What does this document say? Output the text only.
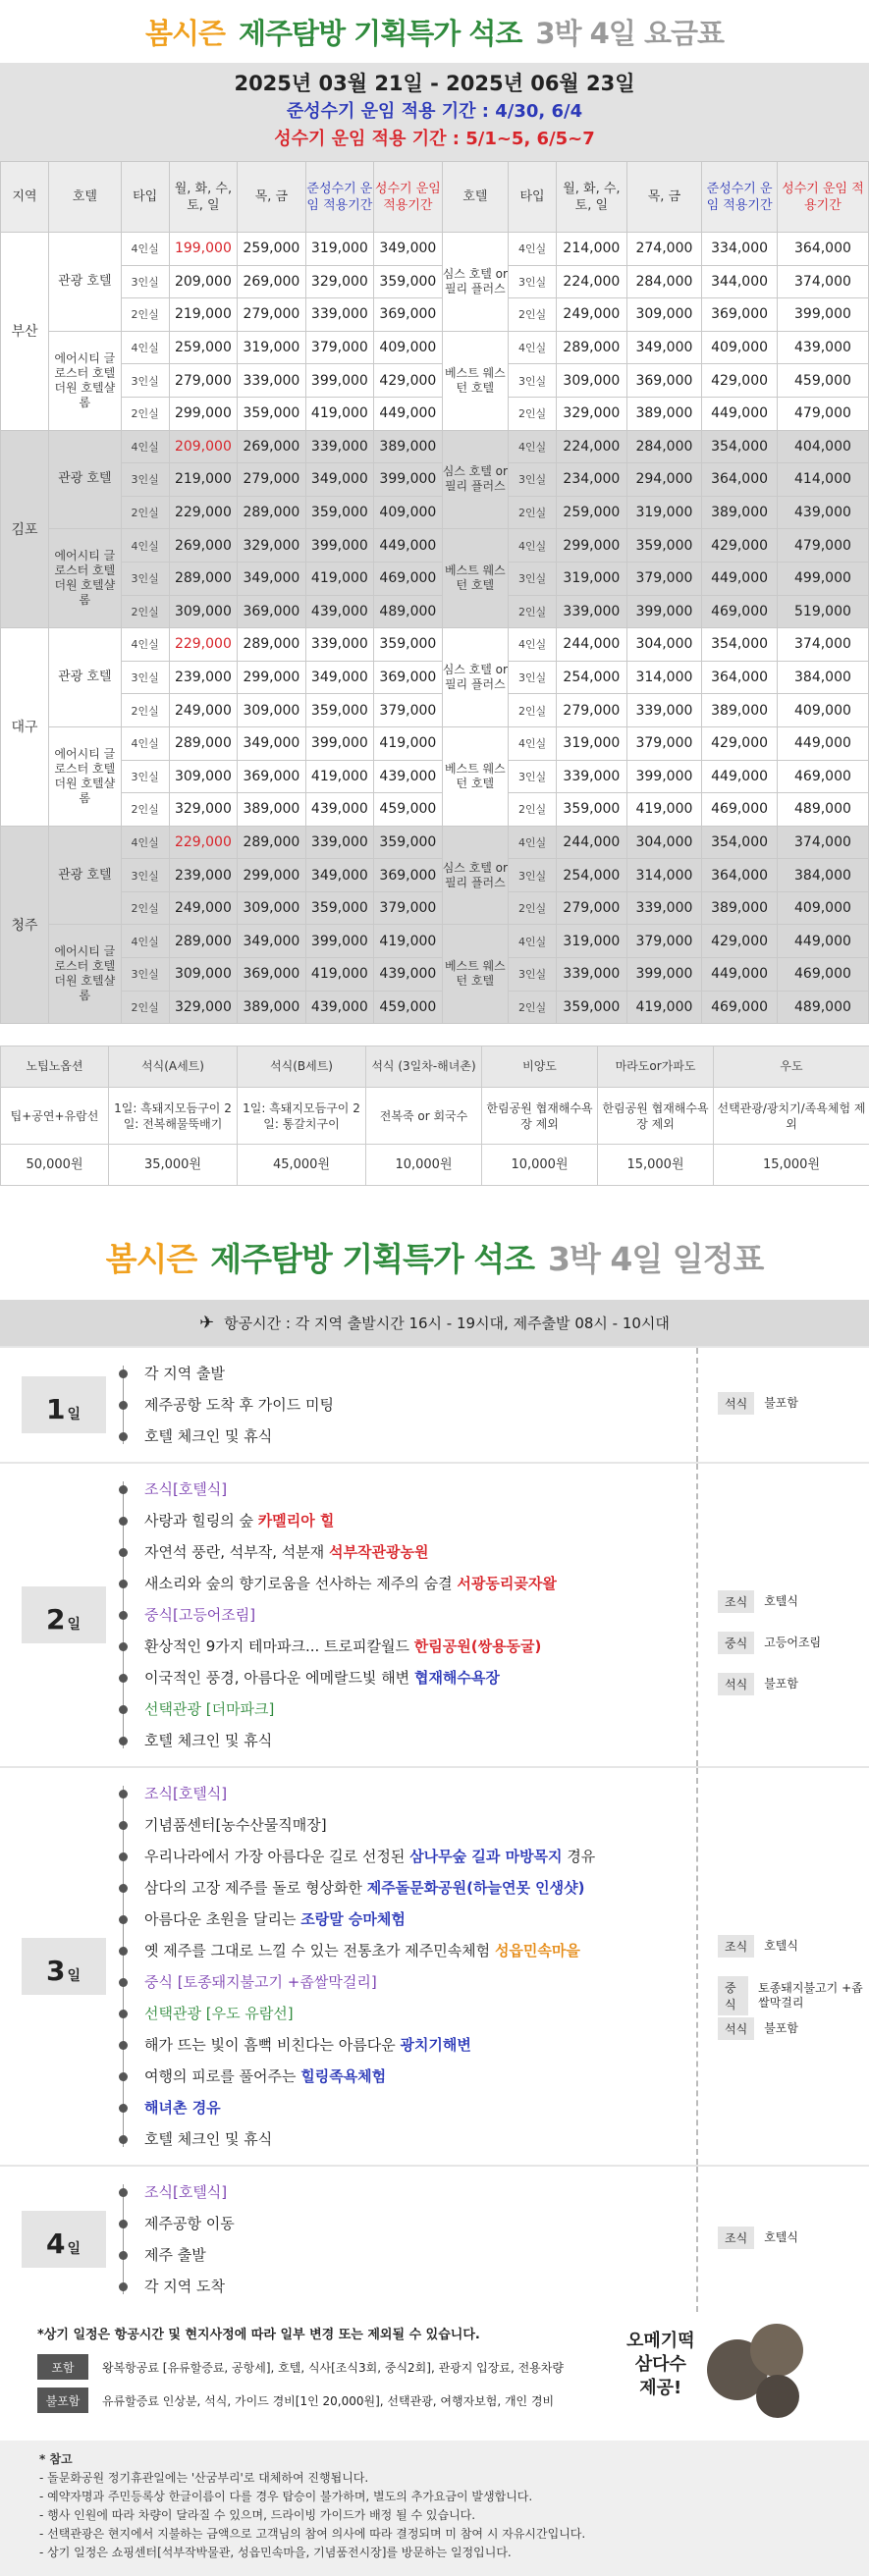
봄시즌 제주탐방 기획특가 석조 3박 4일 요금표
2025년 03월 21일 - 2025년 06월 23일
준성수기 운임 적용 기간 : 4/30, 6/4
성수기 운임 적용 기간 : 5/1~5, 6/5~7
지역	호텔	타입	월, 화, 수, 토, 일	목, 금	준성수기 운임 적용기간	성수기 운임 적용기간	호텔	타입	월, 화, 수, 토, 일	목, 금	준성수기 운임 적용기간	성수기 운임 적용기간
부산	관광 호텔	4인실	199,000	259,000	319,000	349,000	심스 호텔 or 필리 플러스	4인실	214,000	274,000	334,000	364,000
		3인실	209,000	269,000	329,000	359,000		3인실	224,000	284,000	344,000	374,000
		2인실	219,000	279,000	339,000	369,000		2인실	249,000	309,000	369,000	399,000
	에어시티 글로스터 호텔더원 호텔샬롬	4인실	259,000	319,000	379,000	409,000	베스트 웨스턴 호텔	4인실	289,000	349,000	409,000	439,000
		3인실	279,000	339,000	399,000	429,000		3인실	309,000	369,000	429,000	459,000
		2인실	299,000	359,000	419,000	449,000		2인실	329,000	389,000	449,000	479,000
김포	관광 호텔	4인실	209,000	269,000	339,000	389,000	심스 호텔 or 필리 플러스	4인실	224,000	284,000	354,000	404,000
		3인실	219,000	279,000	349,000	399,000		3인실	234,000	294,000	364,000	414,000
		2인실	229,000	289,000	359,000	409,000		2인실	259,000	319,000	389,000	439,000
	에어시티 글로스터 호텔더원 호텔샬롬	4인실	269,000	329,000	399,000	449,000	베스트 웨스턴 호텔	4인실	299,000	359,000	429,000	479,000
		3인실	289,000	349,000	419,000	469,000		3인실	319,000	379,000	449,000	499,000
		2인실	309,000	369,000	439,000	489,000		2인실	339,000	399,000	469,000	519,000
대구	관광 호텔	4인실	229,000	289,000	339,000	359,000	심스 호텔 or 필리 플러스	4인실	244,000	304,000	354,000	374,000
		3인실	239,000	299,000	349,000	369,000		3인실	254,000	314,000	364,000	384,000
		2인실	249,000	309,000	359,000	379,000		2인실	279,000	339,000	389,000	409,000
	에어시티 글로스터 호텔더원 호텔샬롬	4인실	289,000	349,000	399,000	419,000	베스트 웨스턴 호텔	4인실	319,000	379,000	429,000	449,000
		3인실	309,000	369,000	419,000	439,000		3인실	339,000	399,000	449,000	469,000
		2인실	329,000	389,000	439,000	459,000		2인실	359,000	419,000	469,000	489,000
청주	관광 호텔	4인실	229,000	289,000	339,000	359,000	심스 호텔 or 필리 플러스	4인실	244,000	304,000	354,000	374,000
		3인실	239,000	299,000	349,000	369,000		3인실	254,000	314,000	364,000	384,000
		2인실	249,000	309,000	359,000	379,000		2인실	279,000	339,000	389,000	409,000
	에어시티 글로스터 호텔더원 호텔샬롬	4인실	289,000	349,000	399,000	419,000	베스트 웨스턴 호텔	4인실	319,000	379,000	429,000	449,000
		3인실	309,000	369,000	419,000	439,000		3인실	339,000	399,000	449,000	469,000
		2인실	329,000	389,000	439,000	459,000		2인실	359,000	419,000	469,000	489,000
노팁노옵션	석식(A세트)	석식(B세트)	석식 (3일차-해녀촌)	비양도	마라도or가파도	우도
팁+공연+유람선	1일: 흑돼지모듬구이 2일: 전복해물뚝배기	1일: 흑돼지모듬구이 2일: 통갈치구이	전복죽 or 회국수	한림공원 협재해수욕장 제외	한림공원 협재해수욕장 제외	선택관광/광치기/족욕체험 제외
50,000원	35,000원	45,000원	10,000원	10,000원	15,000원	15,000원
봄시즌 제주탐방 기획특가 석조 3박 4일 일정표
✈ 항공시간 : 각 지역 출발시간 16시 - 19시대, 제주출발 08시 - 10시대
1 일
각 지역 출발
제주공항 도착 후 가이드 미팅
호텔 체크인 및 휴식
석식	불포함
2 일
조식[호텔식]
사랑과 힐링의 숲 카멜리아 힐
자연석 풍란, 석부작, 석분재 석부작관광농원
새소리와 숲의 향기로움을 선사하는 제주의 숨결 서광동리곶자왈
중식[고등어조림]
환상적인 9가지 테마파크... 트로피칼월드 한림공원(쌍용동굴)
이국적인 풍경, 아름다운 에메랄드빛 해변 협재해수욕장
선택관광 [더마파크]
호텔 체크인 및 휴식
조식	호텔식
중식	고등어조림
석식	불포함
3 일
조식[호텔식]
기념품센터[농수산물직매장]
우리나라에서 가장 아름다운 길로 선정된 삼나무숲 길과 마방목지 경유
삼다의 고장 제주를 돌로 형상화한 제주돌문화공원(하늘연못 인생샷)
아름다운 초원을 달리는 조랑말 승마체험
옛 제주를 그대로 느낄 수 있는 전통초가 제주민속체험 성읍민속마을
중식 [토종돼지불고기 +좁쌀막걸리]
선택관광 [우도 유람선]
해가 뜨는 빛이 흠뻑 비친다는 아름다운 광치기해변
여행의 피로를 풀어주는 힐링족욕체험
해녀촌 경유
호텔 체크인 및 휴식
조식	호텔식
중식
토종돼지불고기 +좁쌀막걸리
석식	불포함
4 일
조식[호텔식]
제주공항 이동
제주 출발
각 지역 도착
조식	호텔식
*상기 일정은 항공시간 및 현지사정에 따라 일부 변경 또는 제외될 수 있습니다.
포함	왕복항공료 [유류할증료, 공항세], 호텔, 식사[조식3회, 중식2회], 관광지 입장료, 전용차량
불포함	유류할증료 인상분, 석식, 가이드 경비[1인 20,000원], 선택관광, 여행자보험, 개인 경비
오메기떡
삼다수
제공!
* 참고
- 돌문화공원 정기휴관일에는 '산굼부리'로 대체하여 진행됩니다.
- 예약자명과 주민등록상 한글이름이 다를 경우 탑승이 불가하며, 별도의 추가요금이 발생합니다.
- 행사 인원에 따라 차량이 달라질 수 있으며, 드라이빙 가이드가 배정 될 수 있습니다.
- 선택관광은 현지에서 지불하는 금액으로 고객님의 참여 의사에 따라 결정되며 미 참여 시 자유시간입니다.
- 상기 일정은 쇼핑센터[석부작박물관, 성읍민속마을, 기념품전시장]를 방문하는 일정입니다.
